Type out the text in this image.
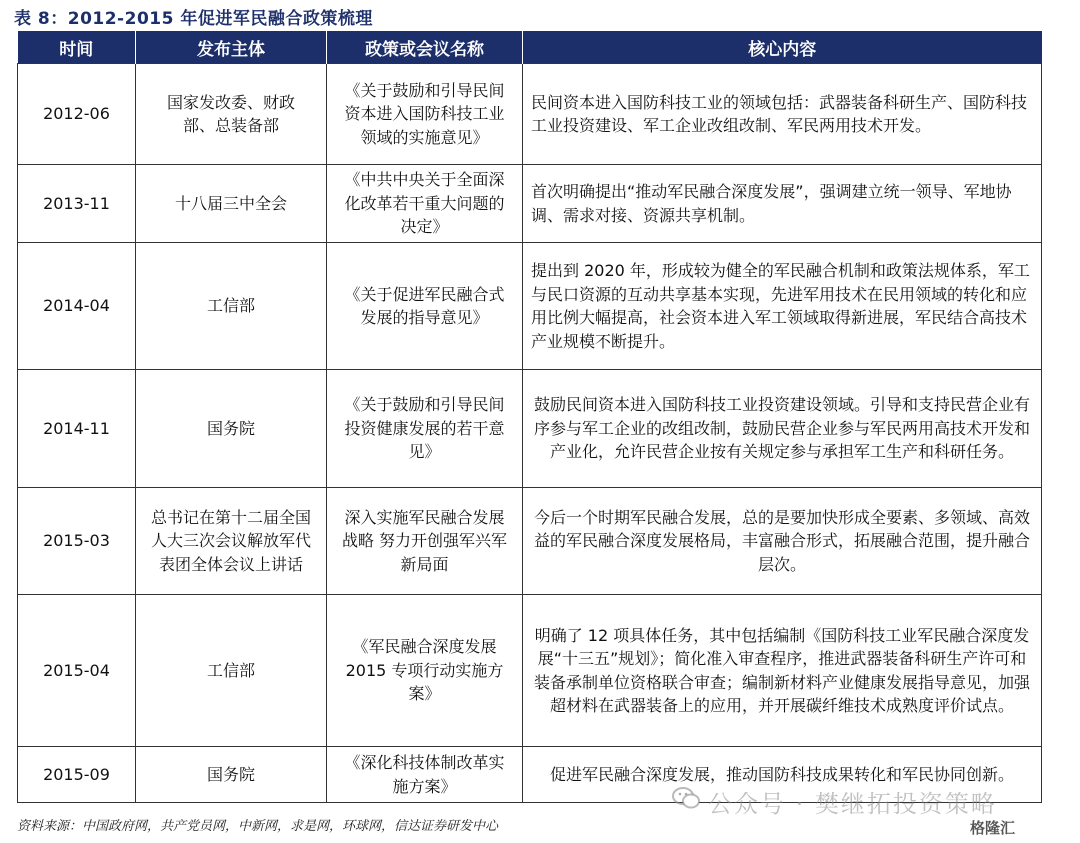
表 8：2012-2015 年促进军民融合政策梳理
时间	发布主体	政策或会议名称	核心内容
2012-06	国家发改委、财政部、总装备部	《关于鼓励和引导民间资本进入国防科技工业领域的实施意见》	民间资本进入国防科技工业的领域包括：武器装备科研生产、国防科技工业投资建设、军工企业改组改制、军民两用技术开发。
2013-11	十八届三中全会	《中共中央关于全面深化改革若干重大问题的决定》	首次明确提出“推动军民融合深度发展”，强调建立统一领导、军地协调、需求对接、资源共享机制。
2014-04	工信部	《关于促进军民融合式发展的指导意见》	提出到 2020 年，形成较为健全的军民融合机制和政策法规体系，军工与民口资源的互动共享基本实现，先进军用技术在民用领域的转化和应用比例大幅提高，社会资本进入军工领域取得新进展，军民结合高技术产业规模不断提升。
2014-11	国务院	《关于鼓励和引导民间投资健康发展的若干意见》	鼓励民间资本进入国防科技工业投资建设领域。引导和支持民营企业有序参与军工企业的改组改制，鼓励民营企业参与军民两用高技术开发和产业化，允许民营企业按有关规定参与承担军工生产和科研任务。
2015-03	总书记在第十二届全国人大三次会议解放军代表团全体会议上讲话	深入实施军民融合发展战略 努力开创强军兴军新局面	今后一个时期军民融合发展，总的是要加快形成全要素、多领域、高效益的军民融合深度发展格局，丰富融合形式，拓展融合范围，提升融合层次。
2015-04	工信部	《军民融合深度发展 2015 专项行动实施方案》	明确了 12 项具体任务，其中包括编制《国防科技工业军民融合深度发展“十三五”规划》；简化准入审查程序，推进武器装备科研生产许可和装备承制单位资格联合审查；编制新材料产业健康发展指导意见，加强超材料在武器装备上的应用，并开展碳纤维技术成熟度评价试点。
2015-09	国务院	《深化科技体制改革实施方案》	促进军民融合深度发展，推动国防科技成果转化和军民协同创新。
公众号 · 樊继拓投资策略
资料来源：中国政府网，共产党员网，中新网，求是网，环球网，信达证券研发中心	格隆汇
